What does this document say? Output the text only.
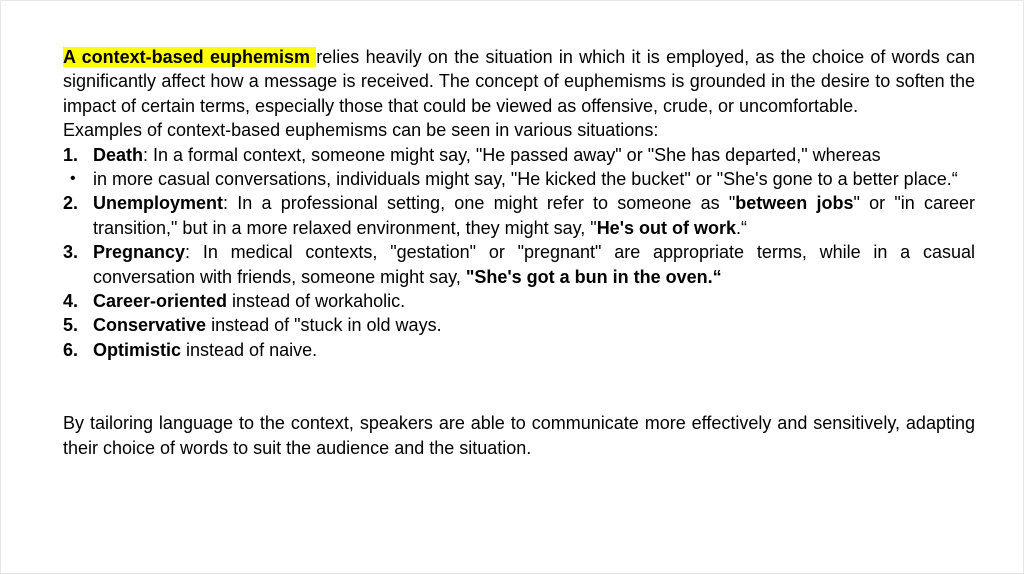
A context-based euphemism relies heavily on the situation in which it is employed, as the choice of words can significantly affect how a message is received. The concept of euphemisms is grounded in the desire to soften the impact of certain terms, especially those that could be viewed as offensive, crude, or uncomfortable.

Examples of context-based euphemisms can be seen in various situations:

1. Death: In a formal context, someone might say, "He passed away" or "She has departed," whereas
• in more casual conversations, individuals might say, "He kicked the bucket" or "She's gone to a better place.“
2. Unemployment: In a professional setting, one might refer to someone as "between jobs" or "in career transition," but in a more relaxed environment, they might say, "He's out of work.“
3. Pregnancy: In medical contexts, "gestation" or "pregnant" are appropriate terms, while in a casual conversation with friends, someone might say, "She's got a bun in the oven.“
4. Career-oriented instead of workaholic.
5. Conservative instead of "stuck in old ways.
6. Optimistic instead of naive.

By tailoring language to the context, speakers are able to communicate more effectively and sensitively, adapting their choice of words to suit the audience and the situation.
